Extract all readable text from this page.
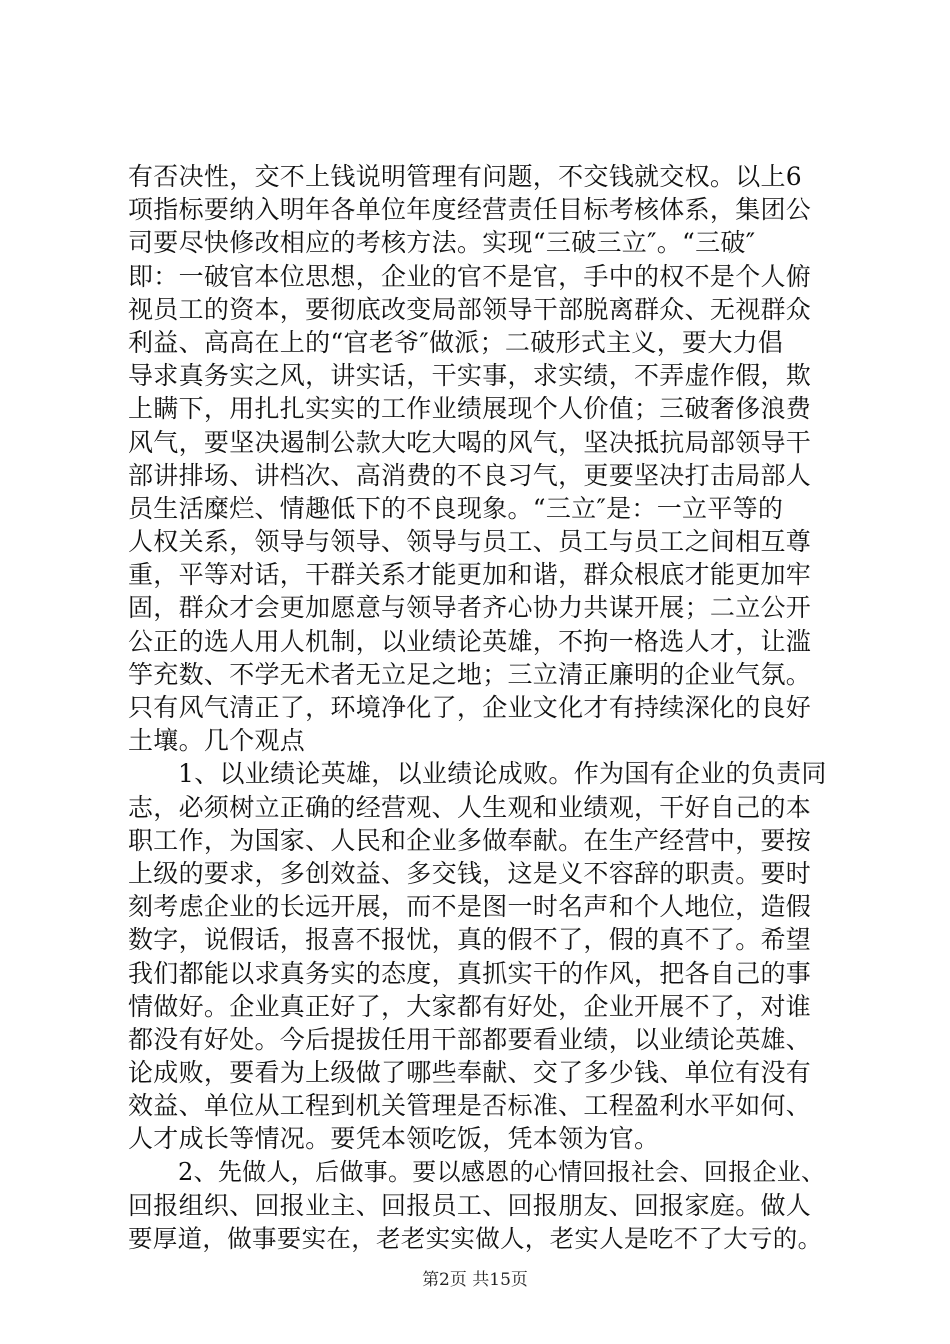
有否决性，交不上钱说明管理有问题，不交钱就交权。以上6
项指标要纳入明年各单位年度经营责任目标考核体系，集团公
司要尽快修改相应的考核方法。实现“三破三立″。“三破″
即：一破官本位思想，企业的官不是官，手中的权不是个人俯
视员工的资本，要彻底改变局部领导干部脱离群众、无视群众
利益、高高在上的“官老爷″做派；二破形式主义，要大力倡
导求真务实之风，讲实话，干实事，求实绩，不弄虚作假，欺
上瞒下，用扎扎实实的工作业绩展现个人价值；三破奢侈浪费
风气，要坚决遏制公款大吃大喝的风气，坚决抵抗局部领导干
部讲排场、讲档次、高消费的不良习气，更要坚决打击局部人
员生活糜烂、情趣低下的不良现象。“三立″是：一立平等的
人权关系，领导与领导、领导与员工、员工与员工之间相互尊
重，平等对话，干群关系才能更加和谐，群众根底才能更加牢
固，群众才会更加愿意与领导者齐心协力共谋开展；二立公开
公正的选人用人机制，以业绩论英雄，不拘一格选人才，让滥
竽充数、不学无术者无立足之地；三立清正廉明的企业气氛。
只有风气清正了，环境净化了，企业文化才有持续深化的良好
土壤。几个观点
1、以业绩论英雄，以业绩论成败。作为国有企业的负责同
志，必须树立正确的经营观、人生观和业绩观，干好自己的本
职工作，为国家、人民和企业多做奉献。在生产经营中，要按
上级的要求，多创效益、多交钱，这是义不容辞的职责。要时
刻考虑企业的长远开展，而不是图一时名声和个人地位，造假
数字，说假话，报喜不报忧，真的假不了，假的真不了。希望
我们都能以求真务实的态度，真抓实干的作风，把各自己的事
情做好。企业真正好了，大家都有好处，企业开展不了，对谁
都没有好处。今后提拔任用干部都要看业绩，以业绩论英雄、
论成败，要看为上级做了哪些奉献、交了多少钱、单位有没有
效益、单位从工程到机关管理是否标准、工程盈利水平如何、
人才成长等情况。要凭本领吃饭，凭本领为官。
2、先做人，后做事。要以感恩的心情回报社会、回报企业、
回报组织、回报业主、回报员工、回报朋友、回报家庭。做人
要厚道，做事要实在，老老实实做人，老实人是吃不了大亏的。
第2页 共15页
